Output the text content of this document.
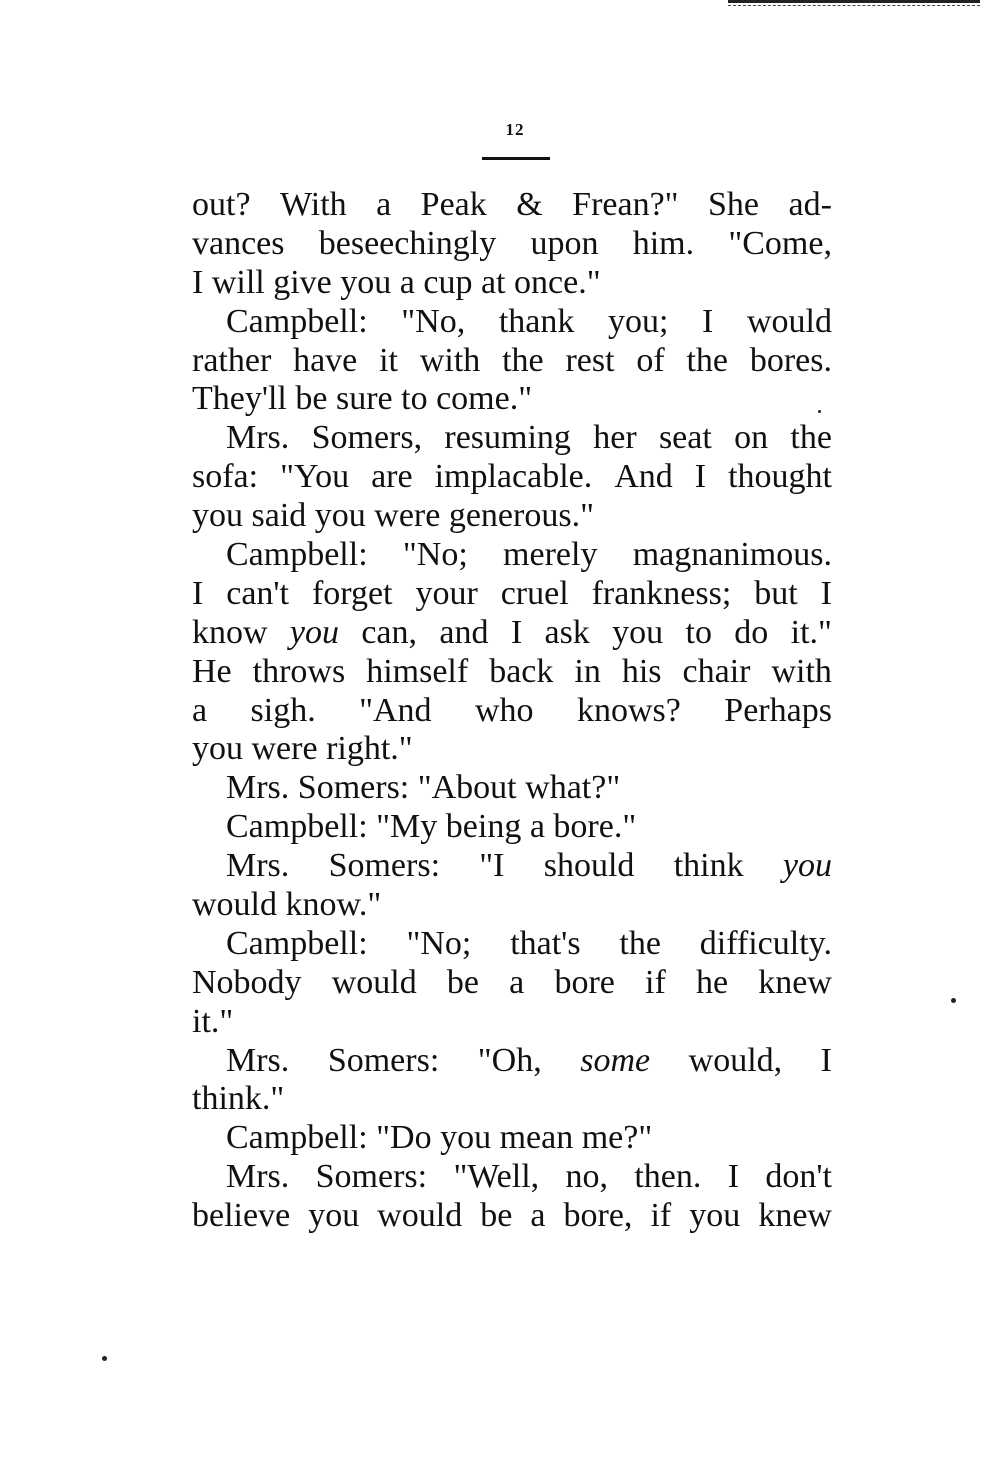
12
out? With a Peak & Frean?" She ad-
vances beseechingly upon him. "Come,
I
will
give
you
a
cup
at
once."
Campbell: "No, thank you; I would
rather have it with the rest of the bores.
They'll
be
sure
to
come."
Mrs. Somers, resuming her seat on the
sofa: "You are implacable. And I thought
you
said
you
were
generous."
Campbell: "No; merely magnanimous.
I can't forget your cruel frankness; but I
know you can, and I ask you to do it."
He throws himself back in his chair with
a sigh. "And who knows? Perhaps
you
were
right."
Mrs.
Somers:
"About
what?"
Campbell:
"My
being
a
bore."
Mrs. Somers: "I should think you
would
know."
Campbell: "No; that's the difficulty.
Nobody would be a bore if he knew
it."
Mrs. Somers: "Oh, some would, I
think."
Campbell:
"Do
you
mean
me?"
Mrs. Somers: "Well, no, then. I don't
believe you would be a bore, if you knew
